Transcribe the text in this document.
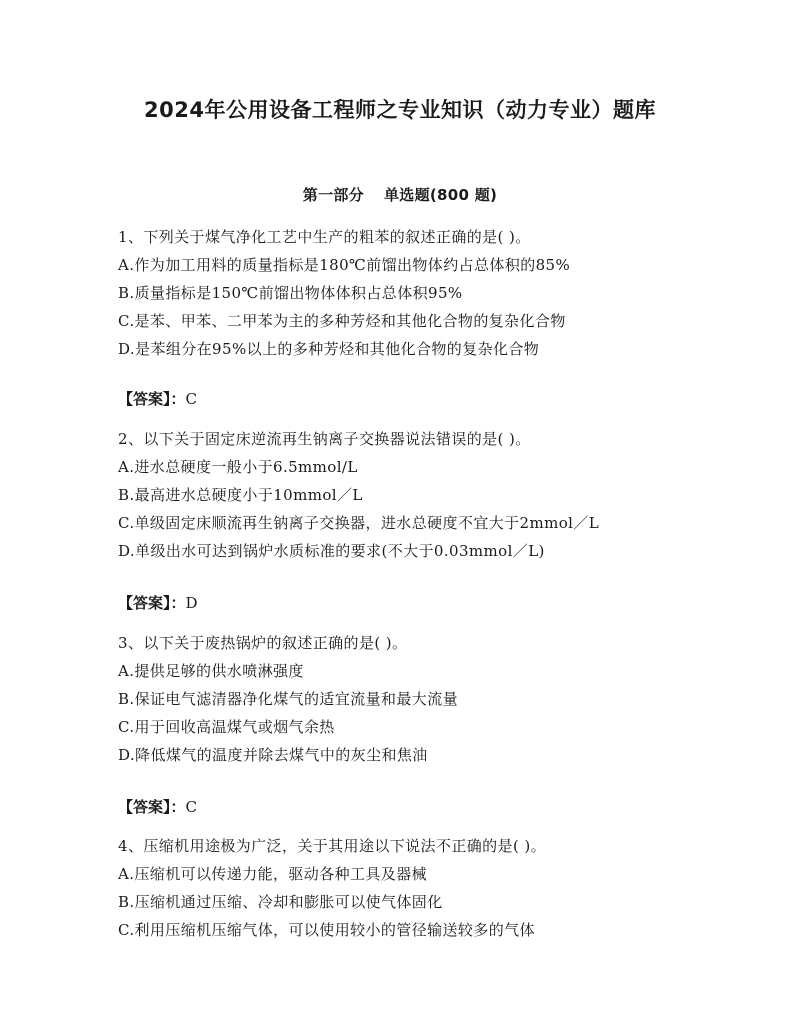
2024年公用设备工程师之专业知识（动力专业）题库
第一部分 单选题(800 题)
1、下列关于煤气净化工艺中生产的粗苯的叙述正确的是( )。
A.作为加工用料的质量指标是180℃前馏出物体约占总体积的85%
B.质量指标是150℃前馏出物体体积占总体积95%
C.是苯、甲苯、二甲苯为主的多种芳烃和其他化合物的复杂化合物
D.是苯组分在95%以上的多种芳烃和其他化合物的复杂化合物
【答案】：C
2、以下关于固定床逆流再生钠离子交换器说法错误的是( )。
A.进水总硬度一般小于6.5mmol/L
B.最高进水总硬度小于10mmol／L
C.单级固定床顺流再生钠离子交换器，进水总硬度不宜大于2mmol／L
D.单级出水可达到锅炉水质标准的要求(不大于0.03mmol／L)
【答案】：D
3、以下关于废热锅炉的叙述正确的是( )。
A.提供足够的供水喷淋强度
B.保证电气滤清器净化煤气的适宜流量和最大流量
C.用于回收高温煤气或烟气余热
D.降低煤气的温度并除去煤气中的灰尘和焦油
【答案】：C
4、压缩机用途极为广泛，关于其用途以下说法不正确的是( )。
A.压缩机可以传递力能，驱动各种工具及器械
B.压缩机通过压缩、冷却和膨胀可以使气体固化
C.利用压缩机压缩气体，可以使用较小的管径输送较多的气体
